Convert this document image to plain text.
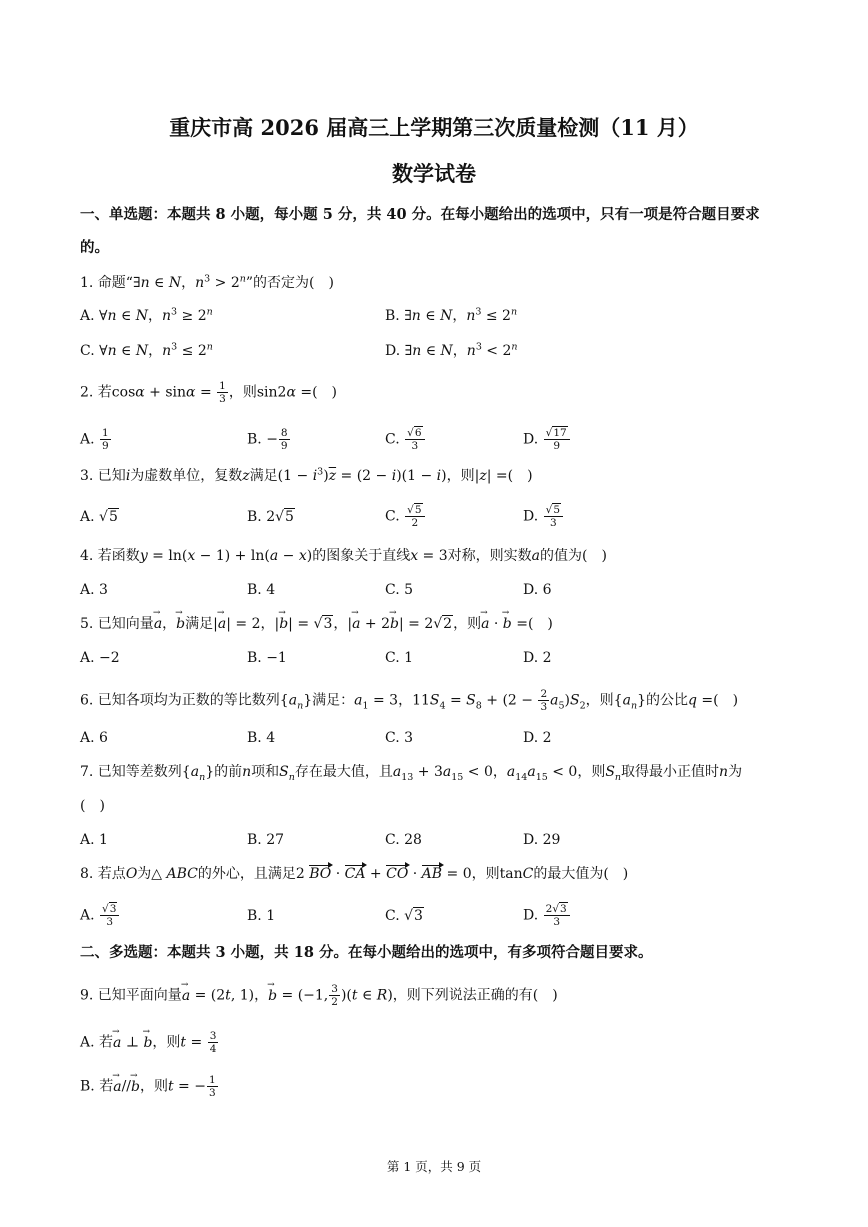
重庆市高 2026 届高三上学期第三次质量检测（11 月）
数学试卷
一、单选题：本题共 8 小题，每小题 5 分，共 40 分。在每小题给出的选项中，只有一项是符合题目要求
的。
1. 命题“∃n ∈ N，$n^3 > 2^n$”的否定为(　)
A. ∀n ∈ N，$n^3 \ge 2^n$	B. ∃n ∈ N，$n^3 \le 2^n$
C. ∀n ∈ N，$n^3 \le 2^n$	D. ∃n ∈ N，$n^3 < 2^n$
2. 若$\cos\alpha + \sin\alpha = \frac{1}{3}$ ，则sin2α =(　)
A. $\frac{1}{9}$	B. − $\frac{8}{9}$	C. $\frac{√6}{3}$	D. $\frac{√17}{9}$
3. 已知i为虚数单位，复数z满足$(1 - i^3)\overline{z} = (2 - i)(1 - i)$，则|z| =(　)
A. √5	B. 2√5	C. $\frac{√5}{2}$	D. $\frac{√5}{3}$
4. 若函数y = ln(x − 1) + ln(a − x)的图象关于直线x = 3对称，则实数a的值为(　)
A. 3	B. 4	C. 5	D. 6
5. 已知向量→ a，→ b满足|→ a| = 2，|→ b| = √3，|→ a + 2→ b| = 2√2，则→ a · → b =(　)
A. −2	B. −1	C. 1	D. 2
6. 已知各项均为正数的等比数列$\{a_n\}$满足：$a_1 = 3$，$11S_4 = S_8 + (2 - \frac{2}{3} a_5)S_2$，则$\{a_n\}$的公比q =(　)
A. 6	B. 4	C. 3	D. 2
7. 已知等差数列$\{a_n\}$的前n项和$S_n$存在最大值，且$a_{13} + 3a_{15} < 0$，$a_{14}a_{15} < 0$，则$S_n$取得最小正值时n为
(　)
A. 1	B. 27	C. 28	D. 29
8. 若点O为△ ABC的外心，且满足2 BO · CA + CO · AB = 0，则tanC的最大值为(　)
A. $\frac{√3}{3}$	B. 1	C. √3	D. $\frac{2√3}{3}$
二、多选题：本题共 3 小题，共 18 分。在每小题给出的选项中，有多项符合题目要求。
9. 已知平面向量→ a = (2t, 1)，→ b = (−1, $\frac{3}{2} )(t$ ∈ R)，则下列说法正确的有(　)
A. 若→ a ⊥ → b，则$t = \frac{3}{4}$
B. 若→ a//→ b，则t = − $\frac{1}{3}$
第 1 页，共 9 页
